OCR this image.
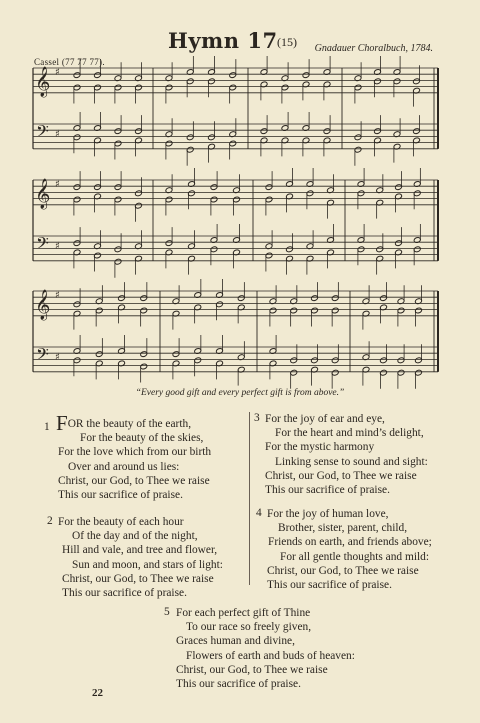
Hymn 17 (15) Gnadauer Choralbuch, 1784.
Cassel (77 77 77).
𝄞
𝄢
♯
♯
𝄞
𝄢
♯
♯
𝄞
𝄢
♯
♯
“Every good gift and every perfect gift is from above.”
1 FOR the beauty of the earth,
For the beauty of the skies,
For the love which from our birth
Over and around us lies:
Christ, our God, to Thee we raise
This our sacrifice of praise.
2 For the beauty of each hour
Of the day and of the night,
Hill and vale, and tree and flower,
Sun and moon, and stars of light:
Christ, our God, to Thee we raise
This our sacrifice of praise.
3 For the joy of ear and eye,
For the heart and mind’s delight,
For the mystic harmony
Linking sense to sound and sight:
Christ, our God, to Thee we raise
This our sacrifice of praise.
4 For the joy of human love,
Brother, sister, parent, child,
Friends on earth, and friends above;
For all gentle thoughts and mild:
Christ, our God, to Thee we raise
This our sacrifice of praise.
5 For each perfect gift of Thine
To our race so freely given,
Graces human and divine,
Flowers of earth and buds of heaven:
Christ, our God, to Thee we raise
This our sacrifice of praise.
22
